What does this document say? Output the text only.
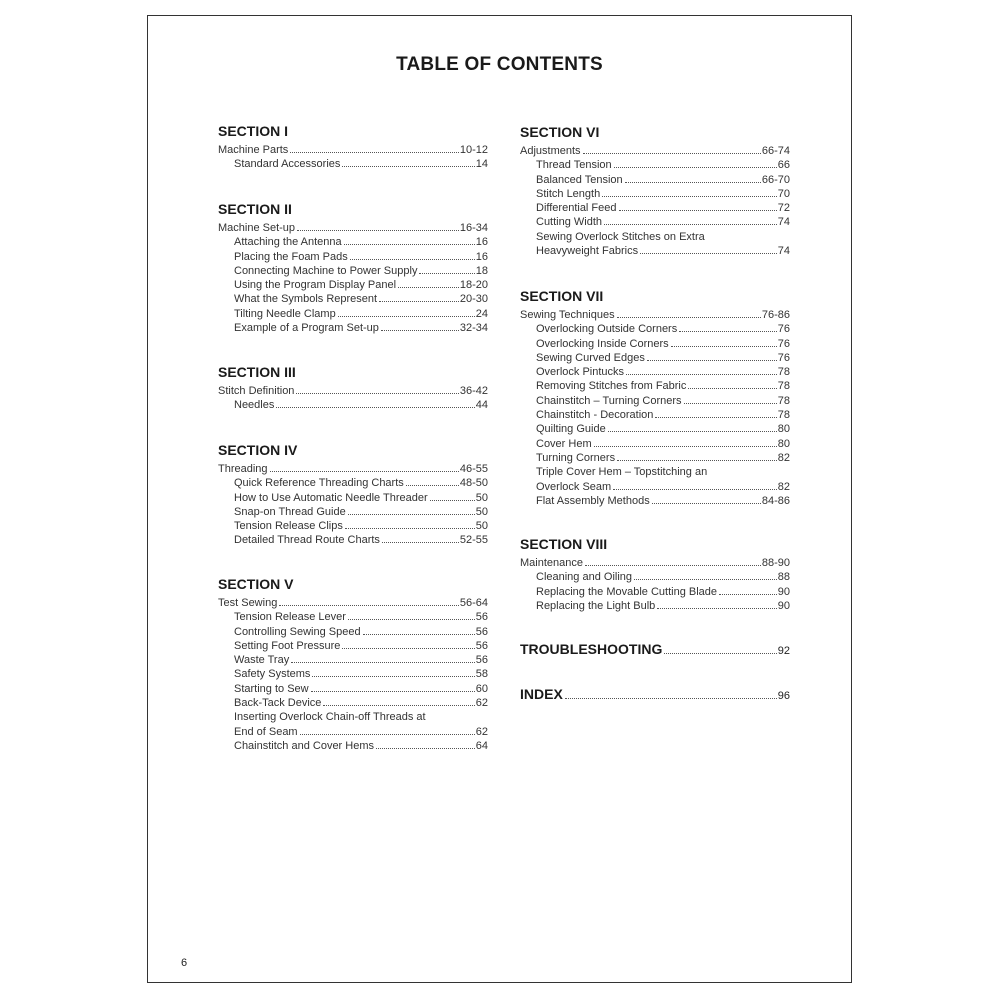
TABLE OF CONTENTS
SECTION I
Machine Parts	10-12
Standard Accessories	14
SECTION II
Machine Set-up	16-34
Attaching the Antenna	16
Placing the Foam Pads	16
Connecting Machine to Power Supply	18
Using the Program Display Panel	18-20
What the Symbols Represent	20-30
Tilting Needle Clamp	24
Example of a Program Set-up	32-34
SECTION III
Stitch Definition	36-42
Needles	44
SECTION IV
Threading	46-55
Quick Reference Threading Charts	48-50
How to Use Automatic Needle Threader	50
Snap-on Thread Guide	50
Tension Release Clips	50
Detailed Thread Route Charts	52-55
SECTION V
Test Sewing	56-64
Tension Release Lever	56
Controlling Sewing Speed	56
Setting Foot Pressure	56
Waste Tray	56
Safety Systems	58
Starting to Sew	60
Back-Tack Device	62
Inserting Overlock Chain-off Threads at
End of Seam	62
Chainstitch and Cover Hems	64
SECTION VI
Adjustments	66-74
Thread Tension	66
Balanced Tension	66-70
Stitch Length	70
Differential Feed	72
Cutting Width	74
Sewing Overlock Stitches on Extra
Heavyweight Fabrics	74
SECTION VII
Sewing Techniques	76-86
Overlocking Outside Corners	76
Overlocking Inside Corners	76
Sewing Curved Edges	76
Overlock Pintucks	78
Removing Stitches from Fabric	78
Chainstitch – Turning Corners	78
Chainstitch - Decoration	78
Quilting Guide	80
Cover Hem	80
Turning Corners	82
Triple Cover Hem – Topstitching an
Overlock Seam	82
Flat Assembly Methods	84-86
SECTION VIII
Maintenance	88-90
Cleaning and Oiling	88
Replacing the Movable Cutting Blade	90
Replacing the Light Bulb	90
TROUBLESHOOTING	92
INDEX	96
6
